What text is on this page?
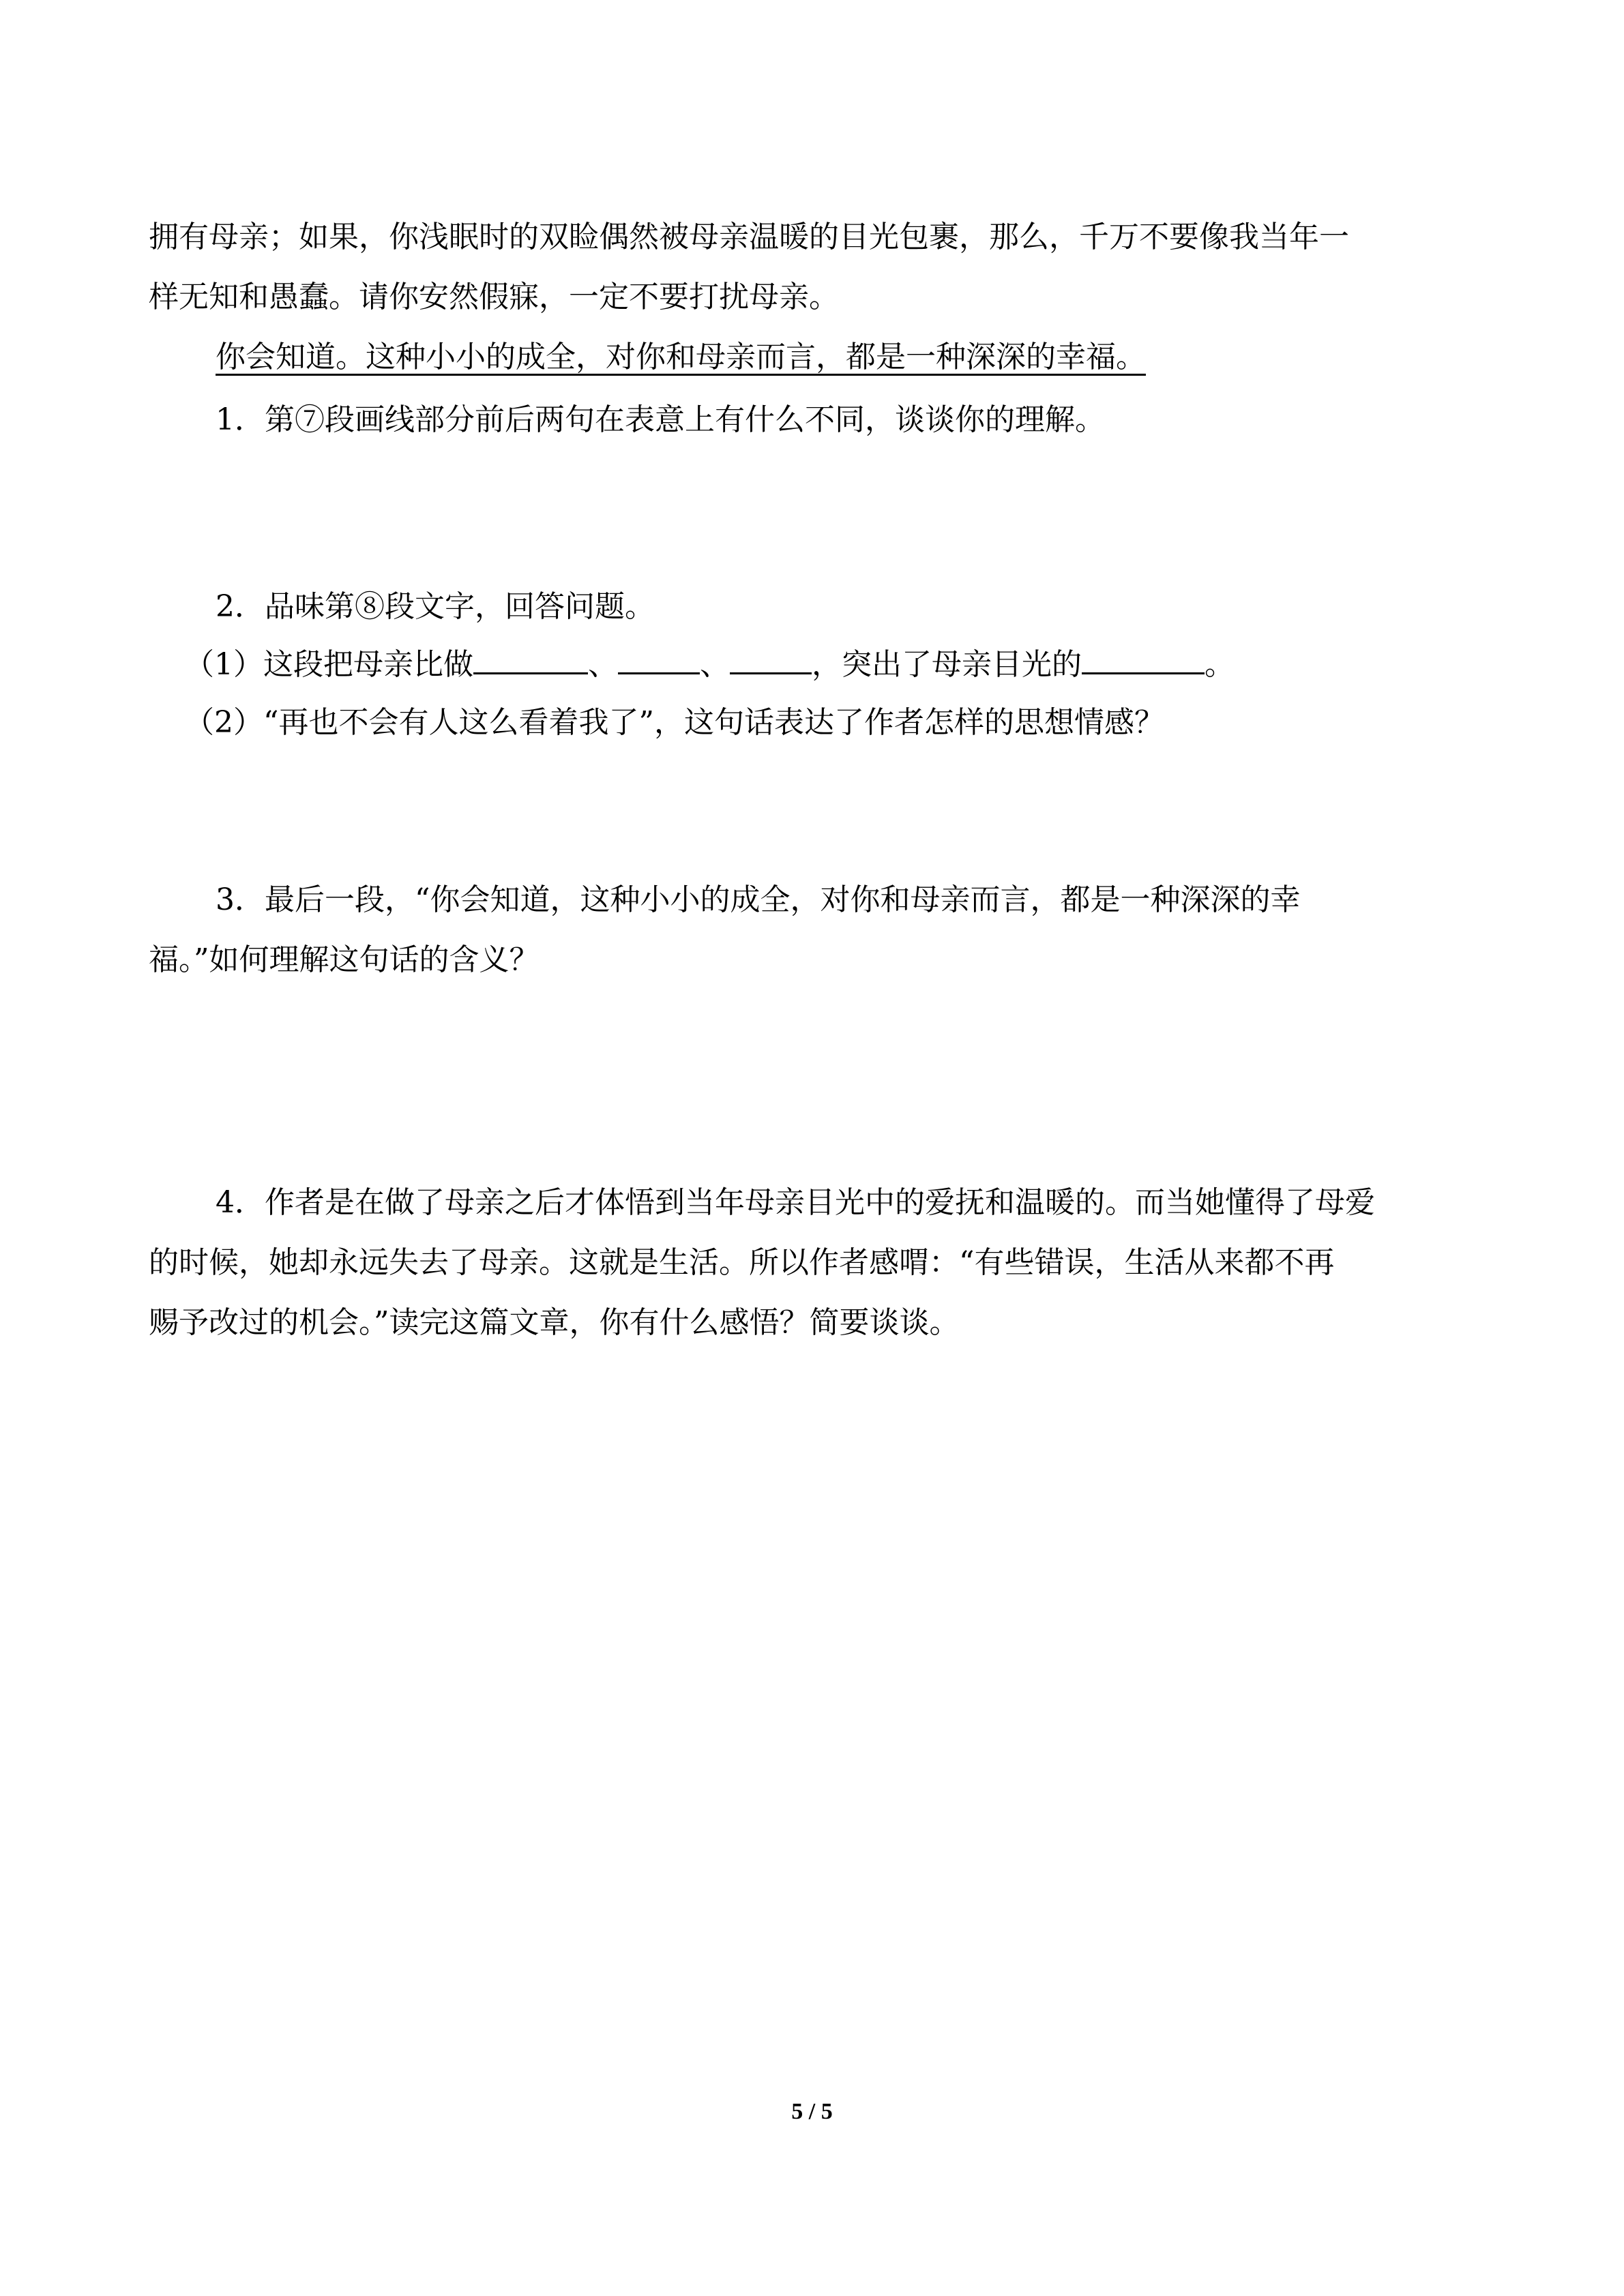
拥有母亲；如果，你浅眠时的双睑偶然被母亲温暖的目光包裹，那么，千万不要像我当年一
样无知和愚蠢。请你安然假寐，一定不要打扰母亲。
你会知道。这种小小的成全，对你和母亲而言，都是一种深深的幸福。
1．第⑦段画线部分前后两句在表意上有什么不同，谈谈你的理解。
2．品味第⑧段文字，回答问题。
（1）这段把母亲比做	、	、	，突出了母亲目光的	。
（2）“再也不会有人这么看着我了”，这句话表达了作者怎样的思想情感？
3．最后一段，“你会知道，这种小小的成全，对你和母亲而言，都是一种深深的幸
福。”如何理解这句话的含义？
4．作者是在做了母亲之后才体悟到当年母亲目光中的爱抚和温暖的。而当她懂得了母爱
的时候，她却永远失去了母亲。这就是生活。所以作者感喟：“有些错误，生活从来都不再
赐予改过的机会。”读完这篇文章，你有什么感悟？简要谈谈。
5 / 5
